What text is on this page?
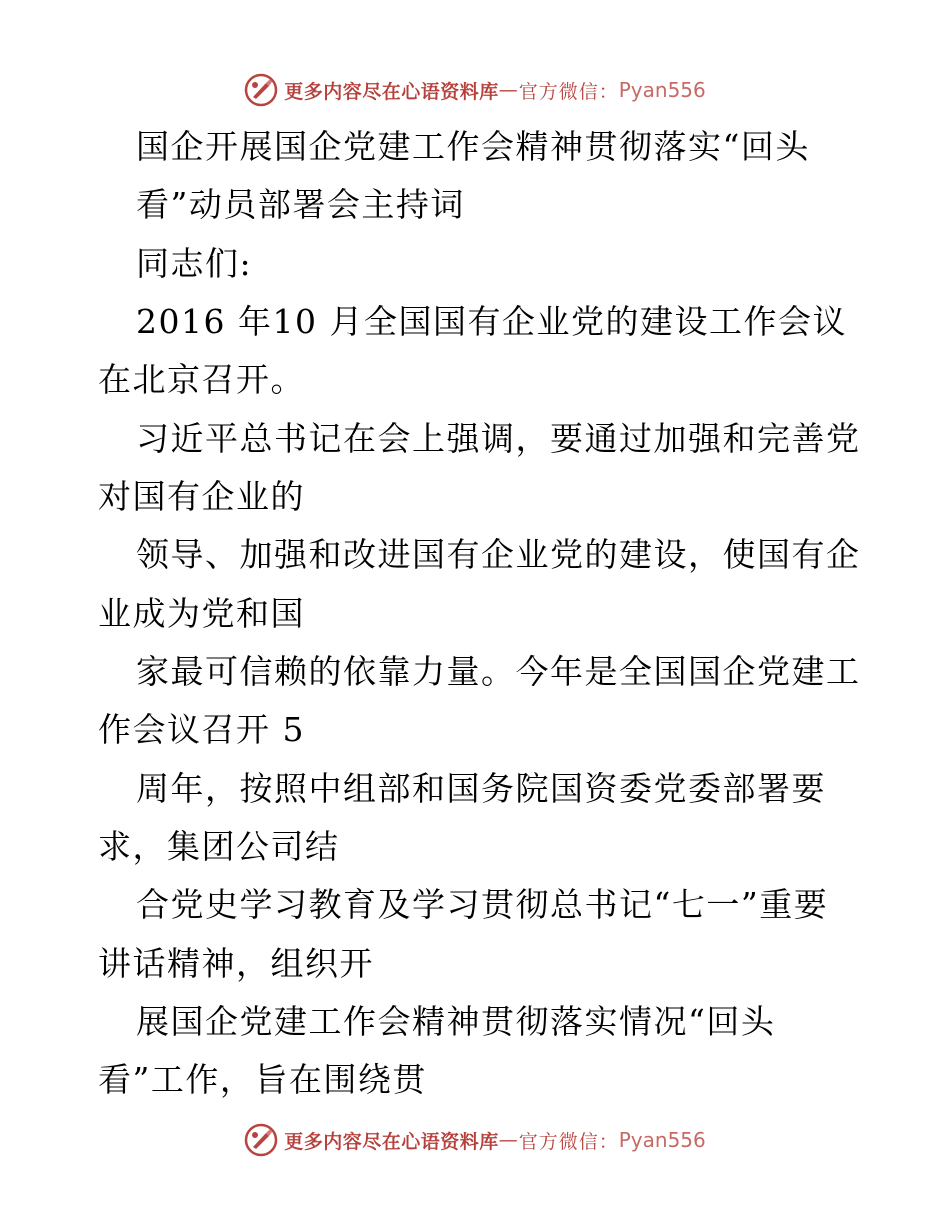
更多内容尽在心语资料库 — 官方微信： Pyan556
国企开展国企党建工作会精神贯彻落实“回头
看”动员部署会主持词
同志们:
2016 年10 月全国国有企业党的建设工作会议
在北京召开。
习近平总书记在会上强调，要通过加强和完善党
对国有企业的
领导、加强和改进国有企业党的建设，使国有企
业成为党和国
家最可信赖的依靠力量。今年是全国国企党建工
作会议召开 5
周年，按照中组部和国务院国资委党委部署要
求，集团公司结
合党史学习教育及学习贯彻总书记“七一”重要
讲话精神，组织开
展国企党建工作会精神贯彻落实情况“回头
看”工作，旨在围绕贯
更多内容尽在心语资料库 — 官方微信： Pyan556
